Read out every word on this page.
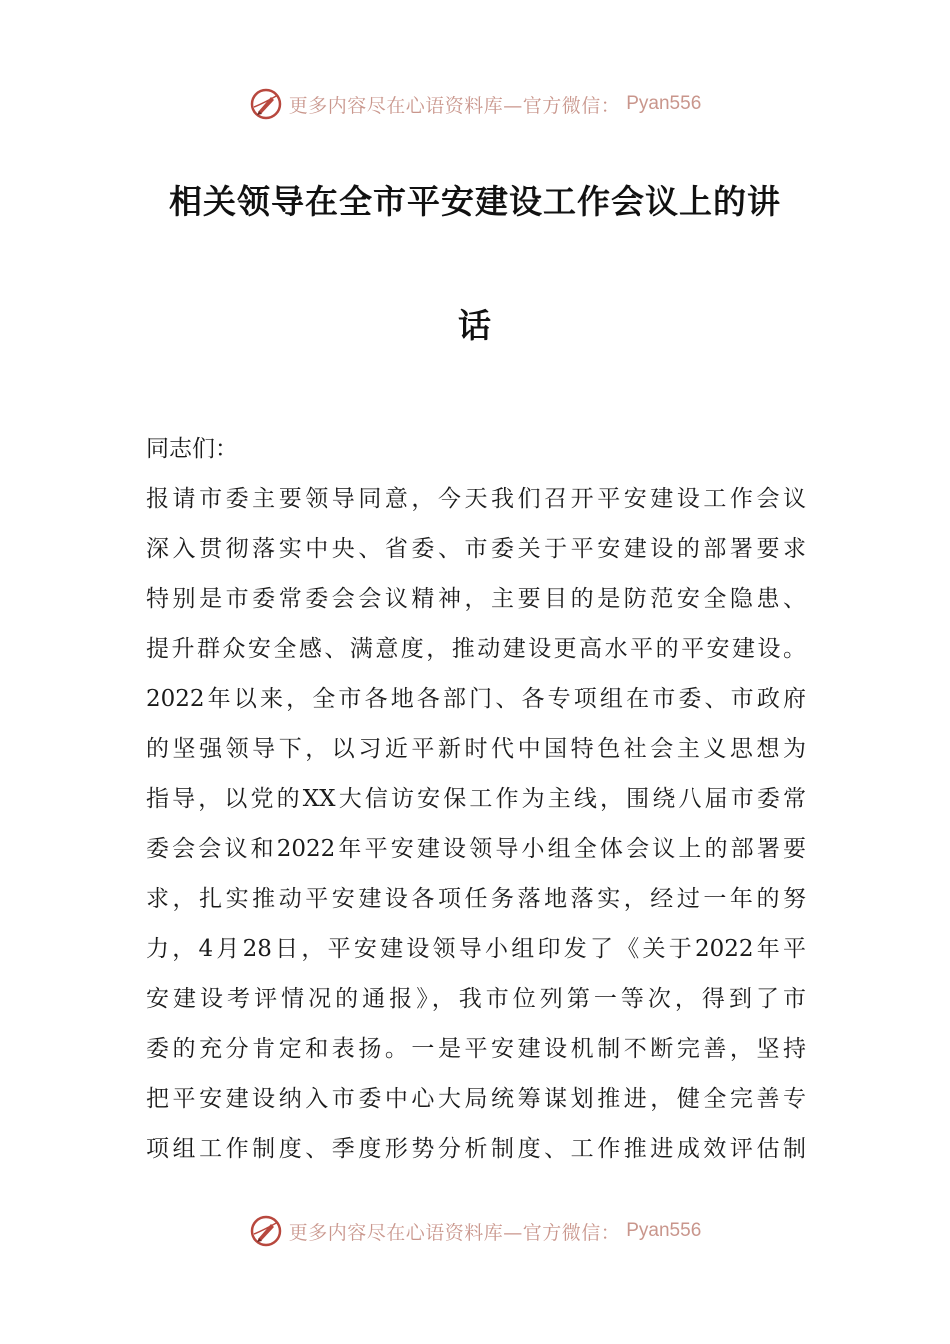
更多内容尽在心语资料库—官方微信： Pyan556
相关领导在全市平安建设工作会议上的讲
话
同志们：
报请市委主要领导同意，今天我们召开平安建设工作会议
深入贯彻落实中央、省委、市委关于平安建设的部署要求
特别是市委常委会会议精神，主要目的是防范安全隐患、
提升群众安全感、满意度，推动建设更高水平的平安建设。
2022年以来，全市各地各部门、各专项组在市委、市政府
的坚强领导下，以习近平新时代中国特色社会主义思想为
指导，以党的XX大信访安保工作为主线，围绕八届市委常
委会会议和2022年平安建设领导小组全体会议上的部署要
求，扎实推动平安建设各项任务落地落实，经过一年的努
力，4月28日，平安建设领导小组印发了《关于2022年平
安建设考评情况的通报》，我市位列第一等次，得到了市
委的充分肯定和表扬。一是平安建设机制不断完善，坚持
把平安建设纳入市委中心大局统筹谋划推进，健全完善专
项组工作制度、季度形势分析制度、工作推进成效评估制
更多内容尽在心语资料库—官方微信： Pyan556
